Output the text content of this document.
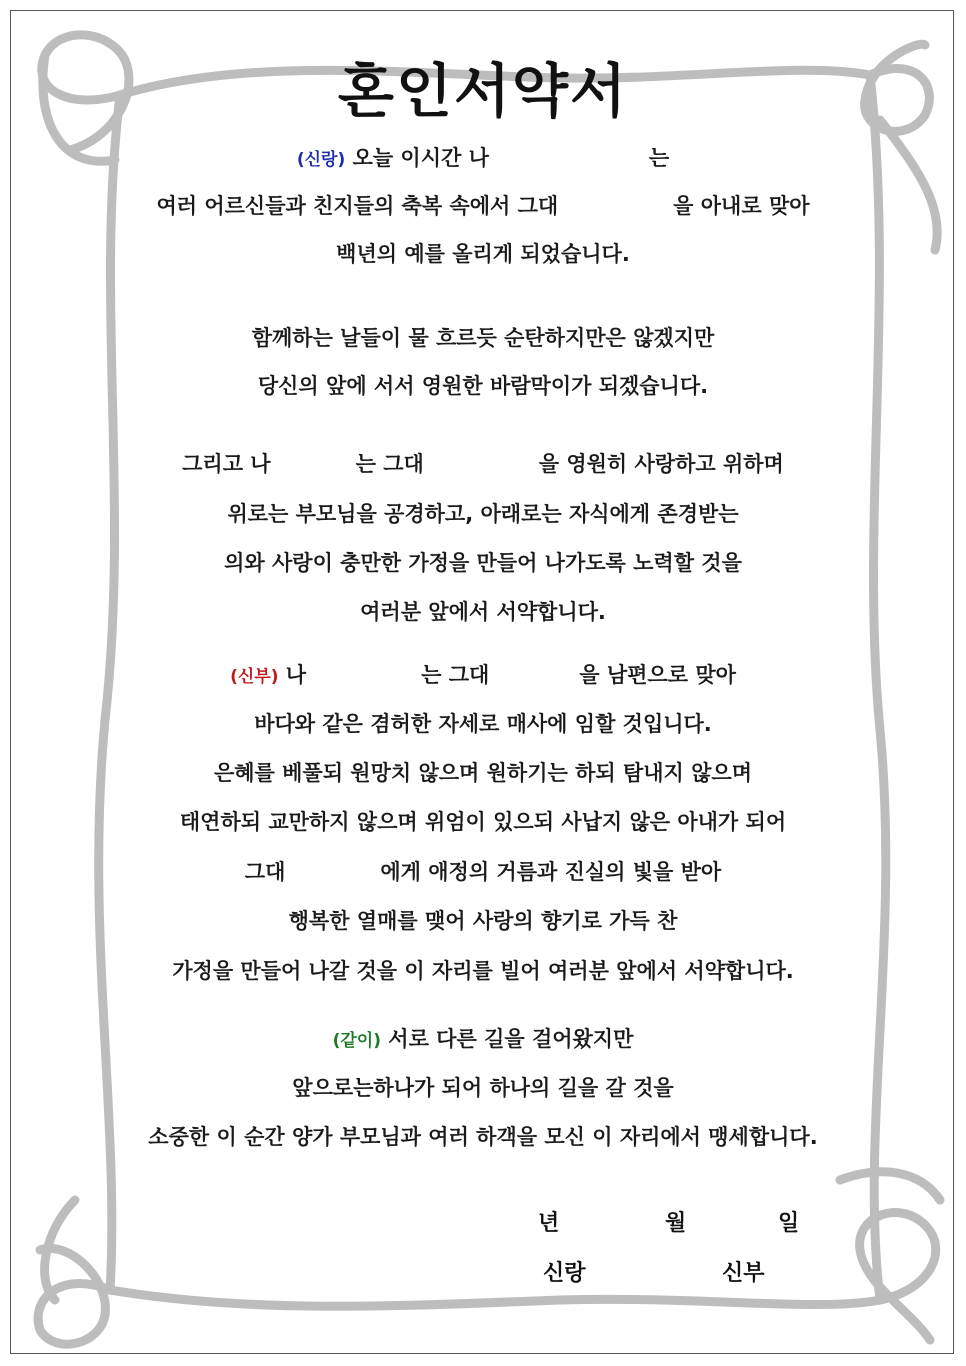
혼인서약서
(신랑) 오늘 이시간 나	는
여러 어르신들과 친지들의 축복 속에서 그대	을 아내로 맞아
백년의 예를 올리게 되었습니다.
함께하는 날들이 물 흐르듯 순탄하지만은 않겠지만
당신의 앞에 서서 영원한 바람막이가 되겠습니다.
그리고 나	는 그대	을 영원히 사랑하고 위하며
위로는 부모님을 공경하고, 아래로는 자식에게 존경받는
의와 사랑이 충만한 가정을 만들어 나가도록 노력할 것을
여러분 앞에서 서약합니다.
(신부) 나	는 그대	을 남편으로 맞아
바다와 같은 겸허한 자세로 매사에 임할 것입니다.
은혜를 베풀되 원망치 않으며 원하기는 하되 탐내지 않으며
태연하되 교만하지 않으며 위엄이 있으되 사납지 않은 아내가 되어
그대	에게 애정의 거름과 진실의 빛을 받아
행복한 열매를 맺어 사랑의 향기로 가득 찬
가정을 만들어 나갈 것을 이 자리를 빌어 여러분 앞에서 서약합니다.
(같이) 서로 다른 길을 걸어왔지만
앞으로는하나가 되어 하나의 길을 갈 것을
소중한 이 순간 양가 부모님과 여러 하객을 모신 이 자리에서 맹세합니다.
년	월	일
신랑	신부
